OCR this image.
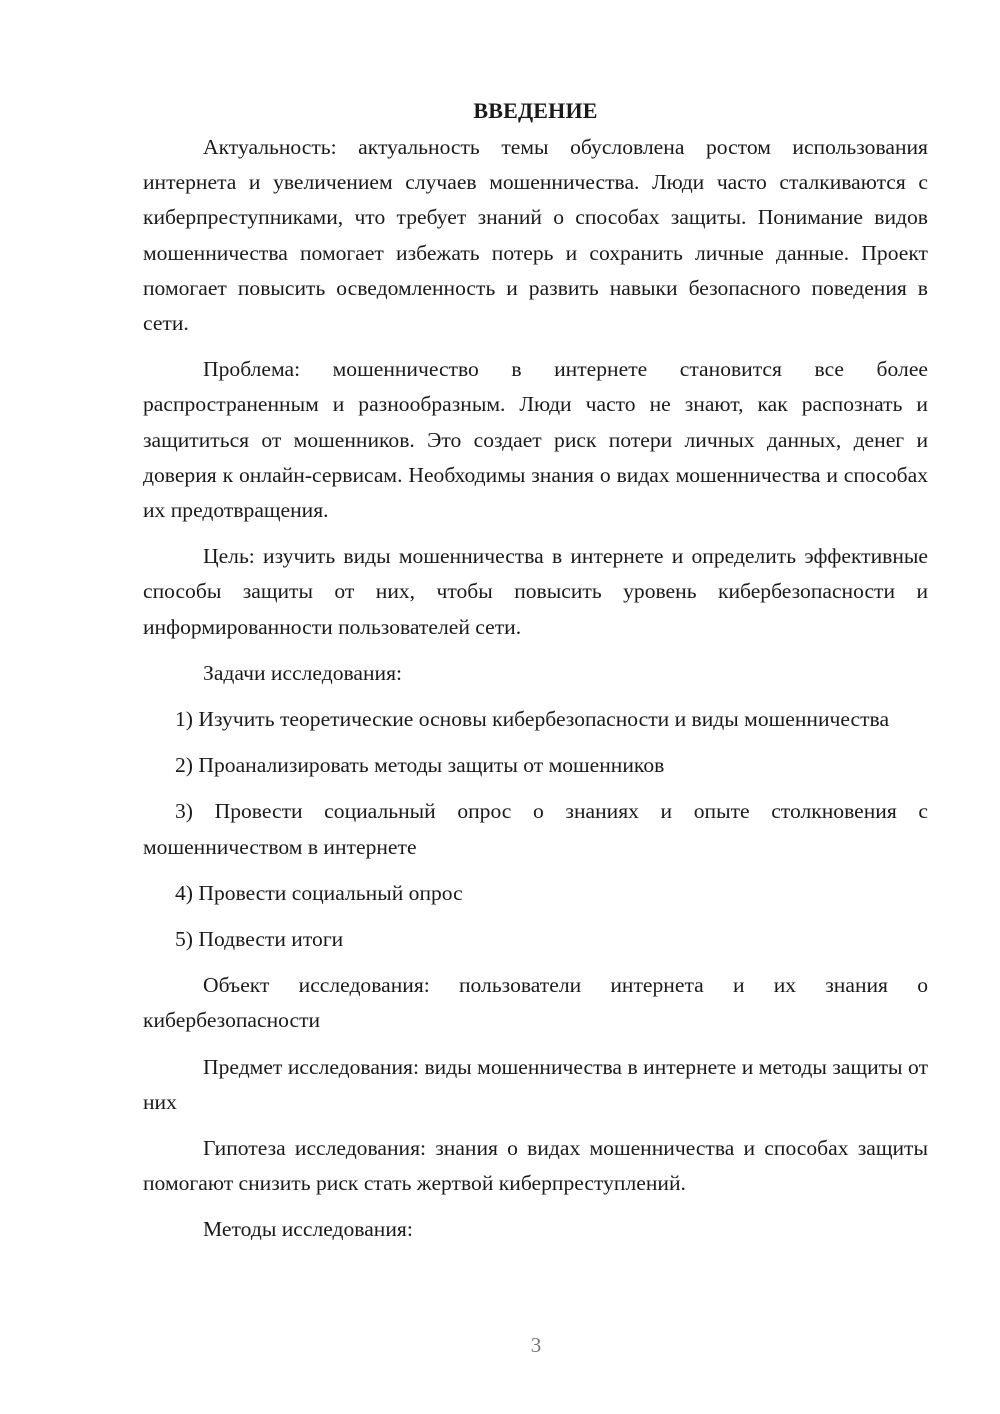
ВВЕДЕНИЕ

Актуальность: актуальность темы обусловлена ростом использования интернета и увеличением случаев мошенничества. Люди часто сталкиваются с киберпреступниками, что требует знаний о способах защиты. Понимание видов мошенничества помогает избежать потерь и сохранить личные данные. Проект помогает повысить осведомленность и развить навыки безопасного поведения в сети.

Проблема: мошенничество в интернете становится все более распространенным и разнообразным. Люди часто не знают, как распознать и защититься от мошенников. Это создает риск потери личных данных, денег и доверия к онлайн-сервисам. Необходимы знания о видах мошенничества и способах их предотвращения.

Цель: изучить виды мошенничества в интернете и определить эффективные способы защиты от них, чтобы повысить уровень кибербезопасности и информированности пользователей сети.

Задачи исследования:

1) Изучить теоретические основы кибербезопасности и виды мошенничества

2) Проанализировать методы защиты от мошенников

3) Провести социальный опрос о знаниях и опыте столкновения с мошенничеством в интернете

4) Провести социальный опрос

5) Подвести итоги

Объект исследования: пользователи интернета и их знания о кибербезопасности

Предмет исследования: виды мошенничества в интернете и методы защиты от них

Гипотеза исследования: знания о видах мошенничества и способах защиты помогают снизить риск стать жертвой киберпреступлений.

Методы исследования:

3
